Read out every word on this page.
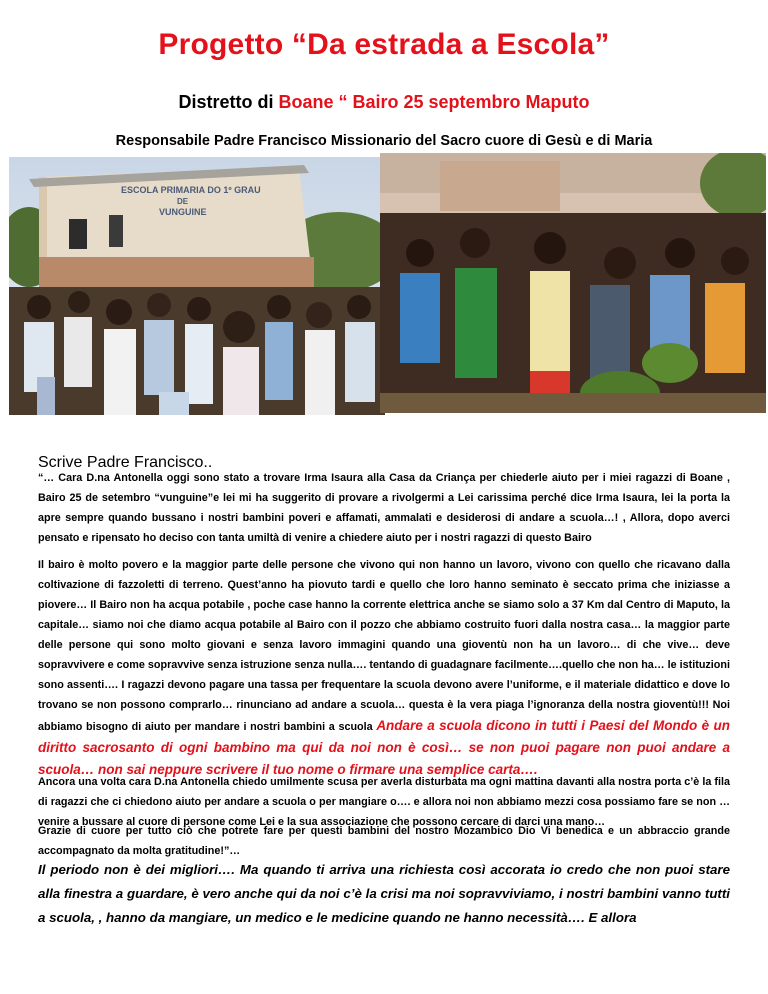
Progetto “Da estrada a Escola”
Distretto di Boane “ Bairo 25 septembro Maputo
Responsabile Padre Francisco Missionario del Sacro cuore di Gesù e di Maria
ESCOLA PRIMARIA DO 1º GRAU
DE
VUNGUINE
Scrive Padre Francisco..

“… Cara D.na Antonella oggi sono stato a trovare Irma Isaura alla Casa da Criança per chiederle aiuto per i miei ragazzi di Boane , Bairo 25 de setembro “vunguine”e lei mi ha suggerito di provare a rivolgermi a Lei carissima perché dice Irma Isaura, lei la porta la apre sempre quando bussano i nostri bambini poveri e affamati, ammalati e desiderosi di andare a scuola…! , Allora, dopo averci pensato e ripensato ho deciso con tanta umiltà di venire a chiedere aiuto per i nostri ragazzi di questo Bairo

Il bairo è molto povero e la maggior parte delle persone che vivono qui non hanno un lavoro, vivono con quello che ricavano dalla coltivazione di fazzoletti di terreno. Quest’anno ha piovuto tardi e quello che loro hanno seminato è seccato prima che iniziasse a piovere… Il Bairo non ha acqua potabile , poche case hanno la corrente elettrica anche se siamo solo a 37 Km dal Centro di Maputo, la capitale… siamo noi che diamo acqua potabile al Bairo con il pozzo che abbiamo costruito fuori dalla nostra casa… la maggior parte delle persone qui sono molto giovani e senza lavoro immagini quando una gioventù non ha un lavoro… di che vive… deve sopravvivere e come sopravvive senza istruzione senza nulla…. tentando di guadagnare facilmente….quello che non ha… le istituzioni sono assenti…. I ragazzi devono pagare una tassa per frequentare la scuola devono avere l’uniforme, e il materiale didattico e dove lo trovano se non possono comprarlo… rinunciano ad andare a scuola… questa è la vera piaga l’ignoranza della nostra gioventù!!! Noi abbiamo bisogno di aiuto per mandare i nostri bambini a scuola Andare a scuola dicono in tutti i Paesi del Mondo è un diritto sacrosanto di ogni bambino ma qui da noi non è così… se non puoi pagare non puoi andare a scuola… non sai neppure scrivere il tuo nome o firmare una semplice carta….

Ancora una volta cara D.na Antonella chiedo umilmente scusa per averla disturbata ma ogni mattina davanti alla nostra porta c’è la fila di ragazzi che ci chiedono aiuto per andare a scuola o per mangiare o…. e allora noi non abbiamo mezzi cosa possiamo fare se non …venire a bussare al cuore di persone come Lei e la sua associazione che possono cercare di darci una mano…

Grazie di cuore per tutto ciò che potrete fare per questi bambini del nostro Mozambico Dio Vi benedica e un abbraccio grande accompagnato da molta gratitudine!”…

Il periodo non è dei migliori…. Ma quando ti arriva una richiesta così accorata io credo che non puoi stare alla finestra a guardare, è vero anche qui da noi c’è la crisi ma noi sopravviviamo, i nostri bambini vanno tutti a scuola, , hanno da mangiare, un medico e le medicine quando ne hanno necessità…. E allora
